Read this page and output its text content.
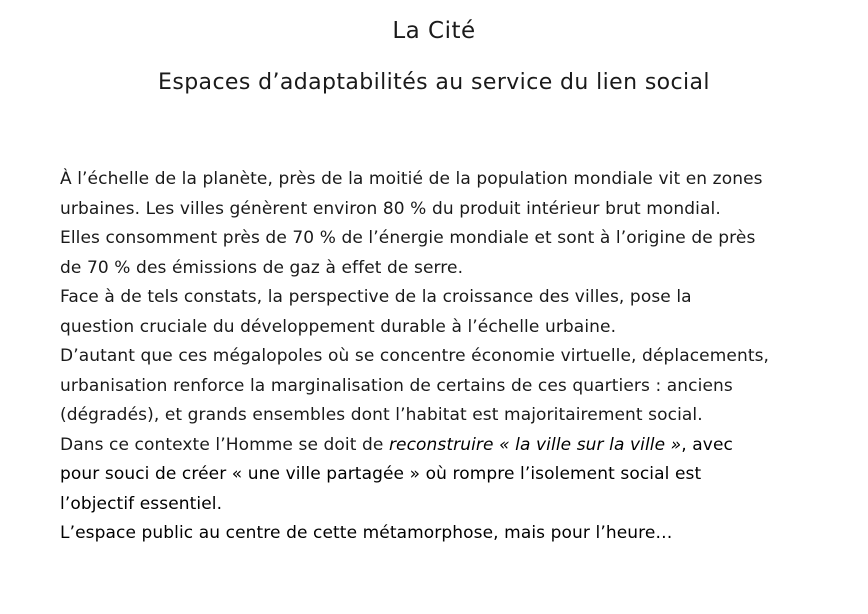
La Cité
Espaces d’adaptabilités au service du lien social
À l’échelle de la planète, près de la moitié de la population mondiale vit en zones
urbaines. Les villes génèrent environ 80 % du produit intérieur brut mondial.
Elles consomment près de 70 % de l’énergie mondiale et sont à l’origine de près
de 70 % des émissions de gaz à effet de serre.
Face à de tels constats, la perspective de la croissance des villes, pose la
question cruciale du développement durable à l’échelle urbaine.
D’autant que ces mégalopoles où se concentre économie virtuelle, déplacements,
urbanisation renforce la marginalisation de certains de ces quartiers : anciens
(dégradés), et grands ensembles dont l’habitat est majoritairement social.
Dans ce contexte l’Homme se doit de reconstruire « la ville sur la ville », avec
pour souci de créer « une ville partagée » où rompre l’isolement social est
l’objectif essentiel.
L’espace public au centre de cette métamorphose, mais pour l’heure…
